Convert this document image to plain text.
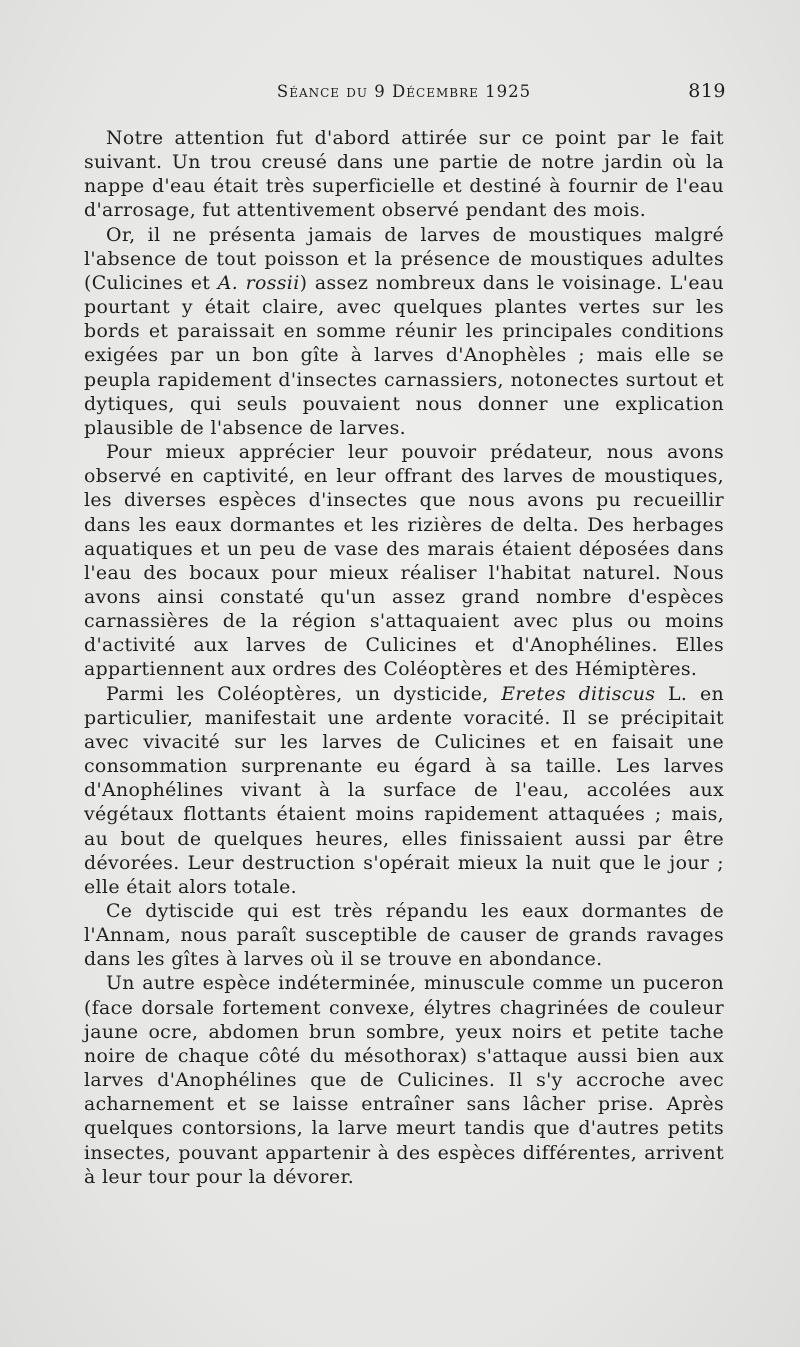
Séance du 9 Décembre 1925	819

Notre attention fut d'abord attirée sur ce point par le fait suivant. Un trou creusé dans une partie de notre jardin où la nappe d'eau était très superficielle et destiné à fournir de l'eau d'arrosage, fut attentivement observé pendant des mois.

Or, il ne présenta jamais de larves de moustiques malgré l'absence de tout poisson et la présence de moustiques adultes (Culicines et A. rossii) assez nombreux dans le voisinage. L'eau pourtant y était claire, avec quelques plantes vertes sur les bords et paraissait en somme réunir les principales conditions exigées par un bon gîte à larves d'Anophèles ; mais elle se peupla rapidement d'insectes carnassiers, notonectes surtout et dytiques, qui seuls pouvaient nous donner une explication plausible de l'absence de larves.

Pour mieux apprécier leur pouvoir prédateur, nous avons observé en captivité, en leur offrant des larves de moustiques, les diverses espèces d'insectes que nous avons pu recueillir dans les eaux dormantes et les rizières de delta. Des herbages aquatiques et un peu de vase des marais étaient déposées dans l'eau des bocaux pour mieux réaliser l'habitat naturel. Nous avons ainsi constaté qu'un assez grand nombre d'espèces carnassières de la région s'attaquaient avec plus ou moins d'activité aux larves de Culicines et d'Anophélines. Elles appartiennent aux ordres des Coléoptères et des Hémiptères.

Parmi les Coléoptères, un dysticide, Eretes ditiscus L. en particulier, manifestait une ardente voracité. Il se précipitait avec vivacité sur les larves de Culicines et en faisait une consommation surprenante eu égard à sa taille. Les larves d'Anophélines vivant à la surface de l'eau, accolées aux végétaux flottants étaient moins rapidement attaquées ; mais, au bout de quelques heures, elles finissaient aussi par être dévorées. Leur destruction s'opérait mieux la nuit que le jour ; elle était alors totale.

Ce dytiscide qui est très répandu les eaux dormantes de l'Annam, nous paraît susceptible de causer de grands ravages dans les gîtes à larves où il se trouve en abondance.

Un autre espèce indéterminée, minuscule comme un puceron (face dorsale fortement convexe, élytres chagrinées de couleur jaune ocre, abdomen brun sombre, yeux noirs et petite tache noire de chaque côté du mésothorax) s'attaque aussi bien aux larves d'Anophélines que de Culicines. Il s'y accroche avec acharnement et se laisse entraîner sans lâcher prise. Après quelques contorsions, la larve meurt tandis que d'autres petits insectes, pouvant appartenir à des espèces différentes, arrivent à leur tour pour la dévorer.
